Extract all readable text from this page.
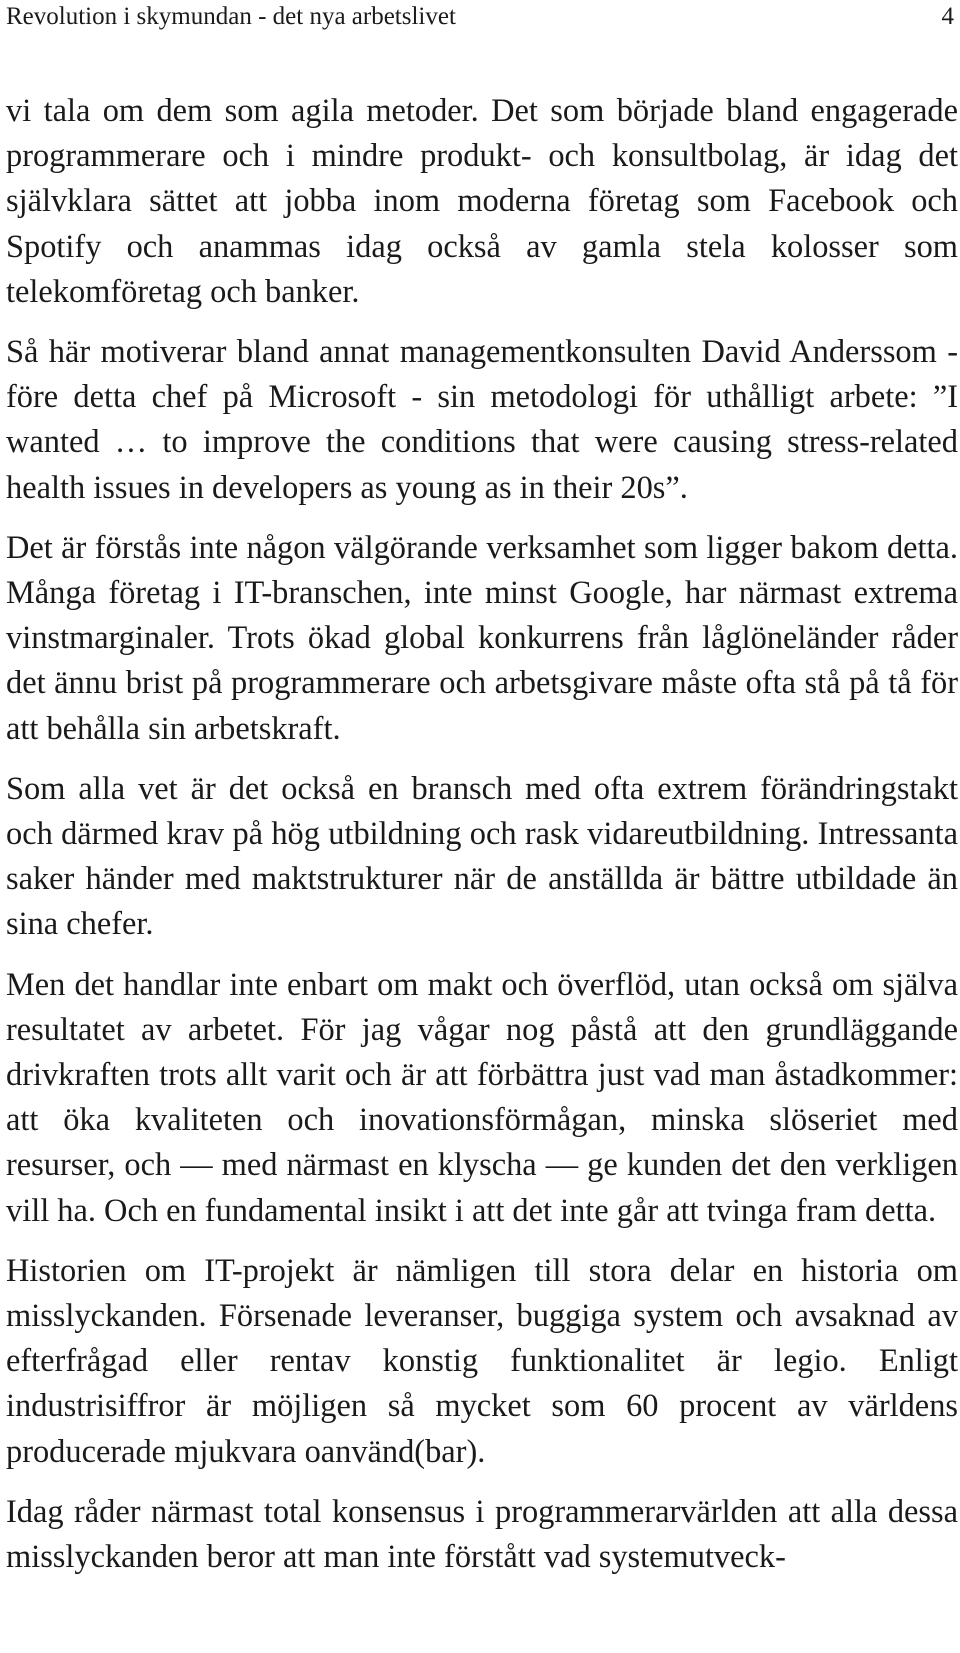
Revolution i skymundan - det nya arbetslivet	4

vi tala om dem som agila metoder. Det som började bland engagerade programmerare och i mindre produkt- och konsultbolag, är idag det självklara sättet att jobba inom moderna företag som Facebook och Spotify och anammas idag också av gamla stela kolosser som telekomföretag och banker.

Så här motiverar bland annat managementkonsulten David Anderssom - före detta chef på Microsoft - sin metodologi för uthålligt arbete: ”I wanted … to improve the conditions that were causing stress-related health issues in developers as young as in their 20s”.

Det är förstås inte någon välgörande verksamhet som ligger bakom detta. Många företag i IT-branschen, inte minst Google, har närmast extrema vinstmarginaler. Trots ökad global konkurrens från låglöneländer råder det ännu brist på programmerare och arbetsgivare måste ofta stå på tå för att behålla sin arbetskraft.

Som alla vet är det också en bransch med ofta extrem förändringstakt och därmed krav på hög utbildning och rask vidareutbildning. Intressanta saker händer med maktstrukturer när de anställda är bättre utbildade än sina chefer.

Men det handlar inte enbart om makt och överflöd, utan också om själva resultatet av arbetet. För jag vågar nog påstå att den grundläggande drivkraften trots allt varit och är att förbättra just vad man åstadkommer: att öka kvaliteten och inovationsförmågan, minska slöseriet med resurser, och — med närmast en klyscha — ge kunden det den verkligen vill ha. Och en fundamental insikt i att det inte går att tvinga fram detta.

Historien om IT-projekt är nämligen till stora delar en historia om misslyckanden. Försenade leveranser, buggiga system och avsaknad av efterfrågad eller rentav konstig funktionalitet är legio. Enligt industrisiffror är möjligen så mycket som 60 procent av världens producerade mjukvara oanvänd(bar).

Idag råder närmast total konsensus i programmerarvärlden att alla dessa misslyckanden beror att man inte förstått vad systemutveck-
